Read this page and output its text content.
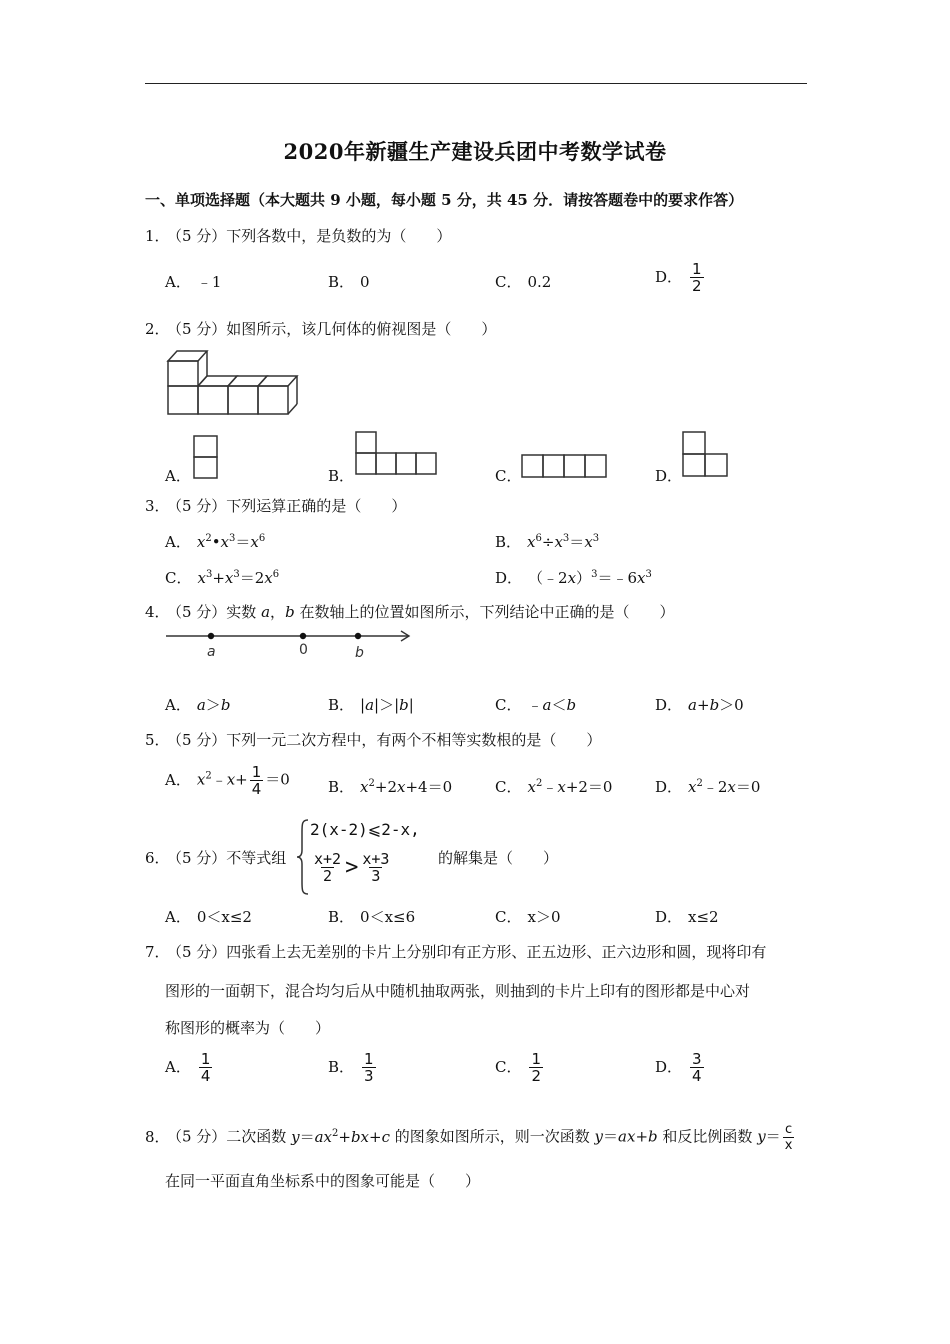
2020年新疆生产建设兵团中考数学试卷
一、单项选择题（本大题共 9 小题，每小题 5 分，共 45 分．请按答题卷中的要求作答）
1．（5 分）下列各数中，是负数的为（　　）
A． ﹣1	B． 0	C． 0.2	D． $\frac{1}{2}$
2．（5 分）如图所示，该几何体的俯视图是（　　）
A．	B．	C．	D．
3．（5 分）下列运算正确的是（　　）
A． $x^2•x^3=x^6$	B． $x^6\div x^3=x^3$
C． $x^3+x^3=2x^6$	D． $(﹣2x)^3=﹣6x^3$
4．（5 分）实数 a，b 在数轴上的位置如图所示，下列结论中正确的是（　　）
a	0	b
A． a＞b	B． |a|＞|b|	C． ﹣a＜b	D． a+b＞0
5．（5 分）下列一元二次方程中，有两个不相等实数根的是（　　）
A． $x^2﹣x+ \frac{1}{4} =0$	B． $x^2+2x+4=0$	C． $x^2﹣x+2=0$	D． $x^2﹣2x=0$
6．（5 分）不等式组
2(x-2)⩽2-x,
$\frac{x+2}{2} > \frac{x+3}{3}$	的解集是（　　）
A． 0＜x≤2	B． 0＜x≤6	C． x＞0	D． x≤2
7．（5 分）四张看上去无差别的卡片上分别印有正方形、正五边形、正六边形和圆，现将印有
图形的一面朝下，混合均匀后从中随机抽取两张，则抽到的卡片上印有的图形都是中心对
称图形的概率为（　　）
A． $\frac{1}{4}$	B． $\frac{1}{3}$	C． $\frac{1}{2}$	D． $\frac{3}{4}$
8．（5 分）二次函数 $y=ax^2+bx+c$ 的图象如图所示，则一次函数 y＝ax+b 和反比例函数 $y= \frac{c}{x}$
在同一平面直角坐标系中的图象可能是（　　）
